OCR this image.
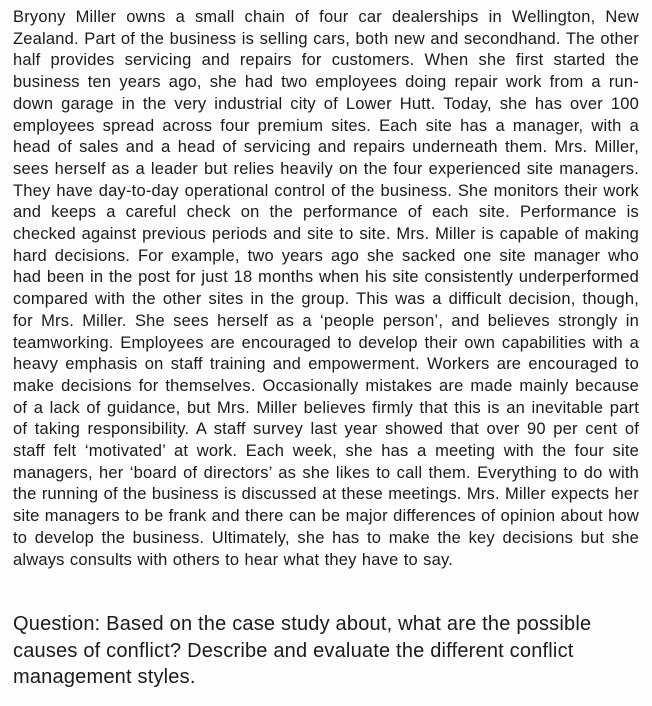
Bryony Miller owns a small chain of four car dealerships in Wellington, New Zealand. Part of the business is selling cars, both new and secondhand. The other half provides servicing and repairs for customers. When she first started the business ten years ago, she had two employees doing repair work from a run-down garage in the very industrial city of Lower Hutt. Today, she has over 100 employees spread across four premium sites. Each site has a manager, with a head of sales and a head of servicing and repairs underneath them. Mrs. Miller, sees herself as a leader but relies heavily on the four experienced site managers. They have day-to-day operational control of the business. She monitors their work and keeps a careful check on the performance of each site. Performance is checked against previous periods and site to site. Mrs. Miller is capable of making hard decisions. For example, two years ago she sacked one site manager who had been in the post for just 18 months when his site consistently underperformed compared with the other sites in the group. This was a difficult decision, though, for Mrs. Miller. She sees herself as a ‘people person’, and believes strongly in teamworking. Employees are encouraged to develop their own capabilities with a heavy emphasis on staff training and empowerment. Workers are encouraged to make decisions for themselves. Occasionally mistakes are made mainly because of a lack of guidance, but Mrs. Miller believes firmly that this is an inevitable part of taking responsibility. A staff survey last year showed that over 90 per cent of staff felt ‘motivated’ at work. Each week, she has a meeting with the four site managers, her ‘board of directors’ as she likes to call them. Everything to do with the running of the business is discussed at these meetings. Mrs. Miller expects her site managers to be frank and there can be major differences of opinion about how to develop the business. Ultimately, she has to make the key decisions but she always consults with others to hear what they have to say.

Question: Based on the case study about, what are the possible causes of conflict? Describe and evaluate the different conflict management styles.
